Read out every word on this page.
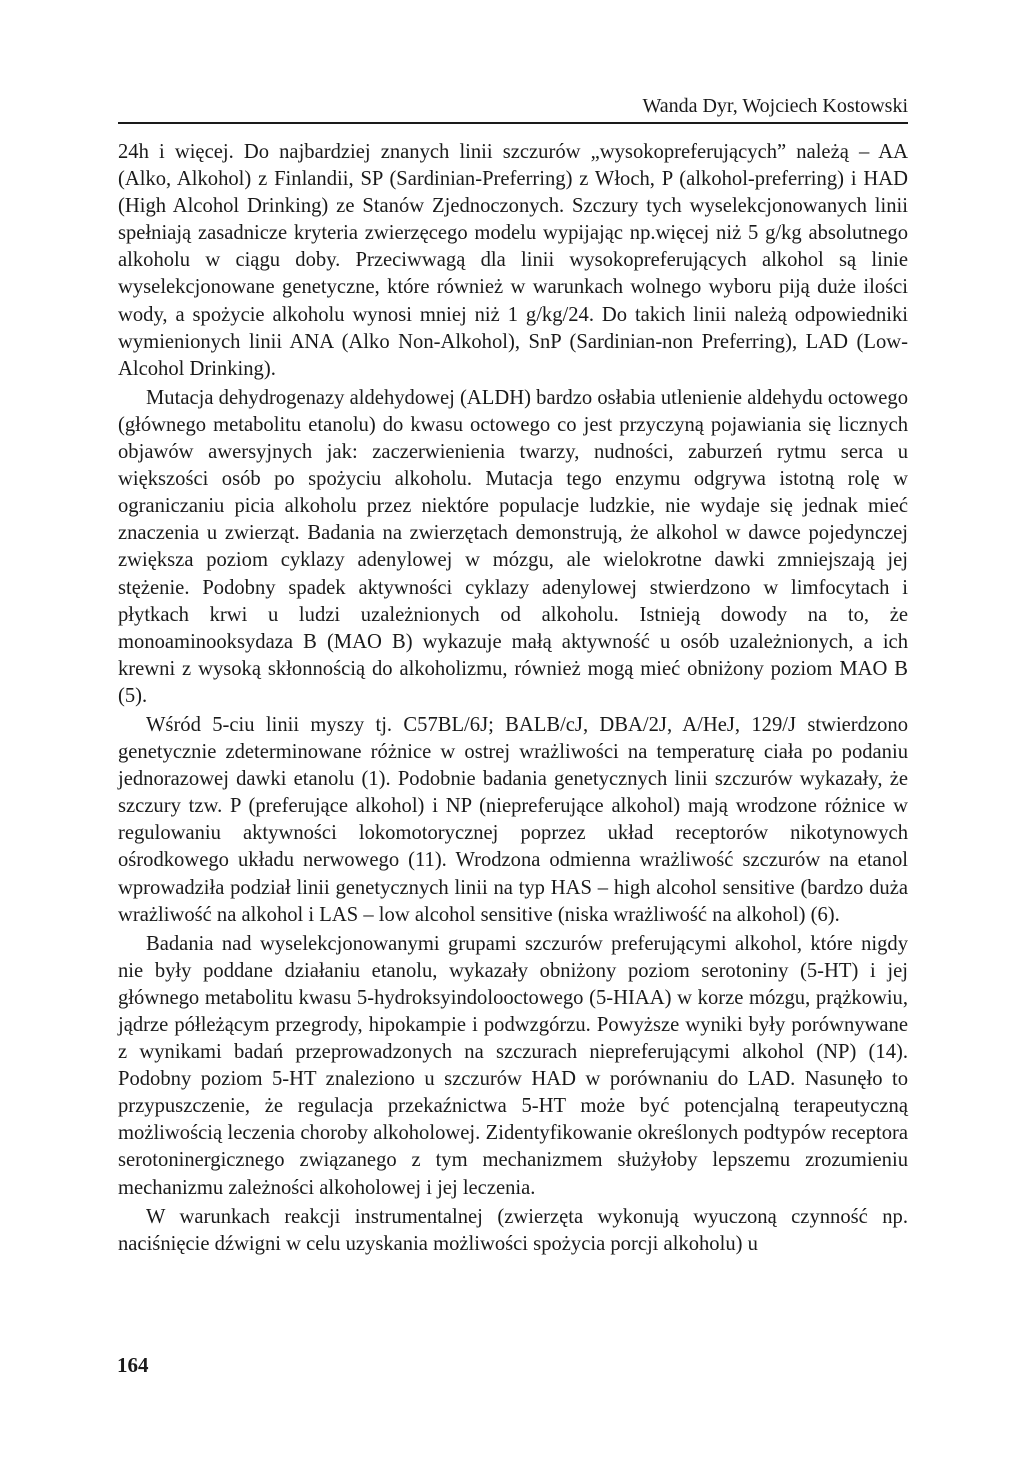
Wanda Dyr, Wojciech Kostowski

24h i więcej. Do najbardziej znanych linii szczurów „wysokopreferujących” należą – AA (Alko, Alkohol) z Finlandii, SP (Sardinian-Preferring) z Włoch, P (alkohol-preferring) i HAD (High Alcohol Drinking) ze Stanów Zjednoczonych. Szczury tych wyselekcjonowanych linii spełniają zasadnicze kryteria zwierzęcego modelu wypijając np.więcej niż 5 g/kg absolutnego alkoholu w ciągu doby. Przeciwwagą dla linii wysokopreferujących alkohol są linie wyselekcjonowane genetyczne, które również w warunkach wolnego wyboru piją duże ilości wody, a spożycie alkoholu wynosi mniej niż 1 g/kg/24. Do takich linii należą odpowiedniki wymienionych linii ANA (Alko Non-Alkohol), SnP (Sardinian-non Preferring), LAD (Low-Alcohol Drinking).

Mutacja dehydrogenazy aldehydowej (ALDH) bardzo osłabia utlenienie aldehydu octowego (głównego metabolitu etanolu) do kwasu octowego co jest przyczyną pojawiania się licznych objawów awersyjnych jak: zaczerwienienia twarzy, nudności, zaburzeń rytmu serca u większości osób po spożyciu alkoholu. Mutacja tego enzymu odgrywa istotną rolę w ograniczaniu picia alkoholu przez niektóre populacje ludzkie, nie wydaje się jednak mieć znaczenia u zwierząt. Badania na zwierzętach demonstrują, że alkohol w dawce pojedynczej zwiększa poziom cyklazy adenylowej w mózgu, ale wielokrotne dawki zmniejszają jej stężenie. Podobny spadek aktywności cyklazy adenylowej stwierdzono w limfocytach i płytkach krwi u ludzi uzależnionych od alkoholu. Istnieją dowody na to, że monoaminooksydaza B (MAO B) wykazuje małą aktywność u osób uzależnionych, a ich krewni z wysoką skłonnością do alkoholizmu, również mogą mieć obniżony poziom MAO B (5).

Wśród 5-ciu linii myszy tj. C57BL/6J; BALB/cJ, DBA/2J, A/HeJ, 129/J stwierdzono genetycznie zdeterminowane różnice w ostrej wrażliwości na temperaturę ciała po podaniu jednorazowej dawki etanolu (1). Podobnie badania genetycznych linii szczurów wykazały, że szczury tzw. P (preferujące alkohol) i NP (niepreferujące alkohol) mają wrodzone różnice w regulowaniu aktywności lokomotorycznej poprzez układ receptorów nikotynowych ośrodkowego układu nerwowego (11). Wrodzona odmienna wrażliwość szczurów na etanol wprowadziła podział linii genetycznych linii na typ HAS – high alcohol sensitive (bardzo duża wrażliwość na alkohol i LAS – low alcohol sensitive (niska wrażliwość na alkohol) (6).

Badania nad wyselekcjonowanymi grupami szczurów preferującymi alkohol, które nigdy nie były poddane działaniu etanolu, wykazały obniżony poziom serotoniny (5-HT) i jej głównego metabolitu kwasu 5-hydroksyindolooctowego (5-HIAA) w korze mózgu, prążkowiu, jądrze półleżącym przegrody, hipokampie i podwzgórzu. Powyższe wyniki były porównywane z wynikami badań przeprowadzonych na szczurach niepreferującymi alkohol (NP) (14). Podobny poziom 5-HT znaleziono u szczurów HAD w porównaniu do LAD. Nasunęło to przypuszczenie, że regulacja przekaźnictwa 5-HT może być potencjalną terapeutyczną możliwością leczenia choroby alkoholowej. Zidentyfikowanie określonych podtypów receptora serotoninergicznego związanego z tym mechanizmem służyłoby lepszemu zrozumieniu mechanizmu zależności alkoholowej i jej leczenia.

W warunkach reakcji instrumentalnej (zwierzęta wykonują wyuczoną czynność np. naciśnięcie dźwigni w celu uzyskania możliwości spożycia porcji alkoholu) u

164
